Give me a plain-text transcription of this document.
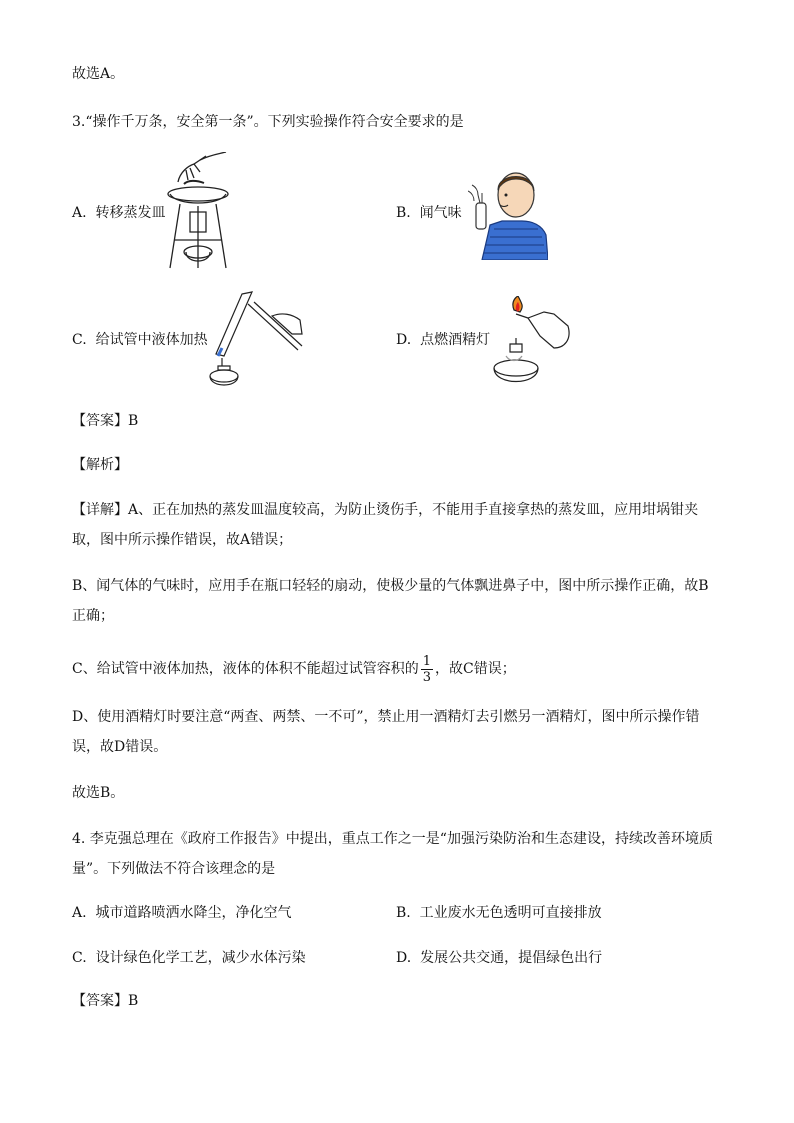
故选A。
3.“操作千万条，安全第一条”。下列实验操作符合安全要求的是
A. 转移蒸发皿	B. 闻气味
C. 给试管中液体加热	D. 点燃酒精灯
【答案】B
【解析】
【详解】A、正在加热的蒸发皿温度较高，为防止烫伤手，不能用手直接拿热的蒸发皿，应用坩埚钳夹
取，图中所示操作错误，故A错误；
B、闻气体的气味时，应用手在瓶口轻轻的扇动，使极少量的气体飘进鼻子中，图中所示操作正确，故B
正确；
C、给试管中液体加热，液体的体积不能超过试管容积的 $\frac{1}{3}$ ，故C错误；
D、使用酒精灯时要注意“两查、两禁、一不可”，禁止用一酒精灯去引燃另一酒精灯，图中所示操作错
误，故D错误。
故选B。
4. 李克强总理在《政府工作报告》中提出，重点工作之一是“加强污染防治和生态建设，持续改善环境质
量”。下列做法不符合该理念的是
A. 城市道路喷洒水降尘，净化空气	B. 工业废水无色透明可直接排放
C. 设计绿色化学工艺，减少水体污染	D. 发展公共交通，提倡绿色出行
【答案】B
